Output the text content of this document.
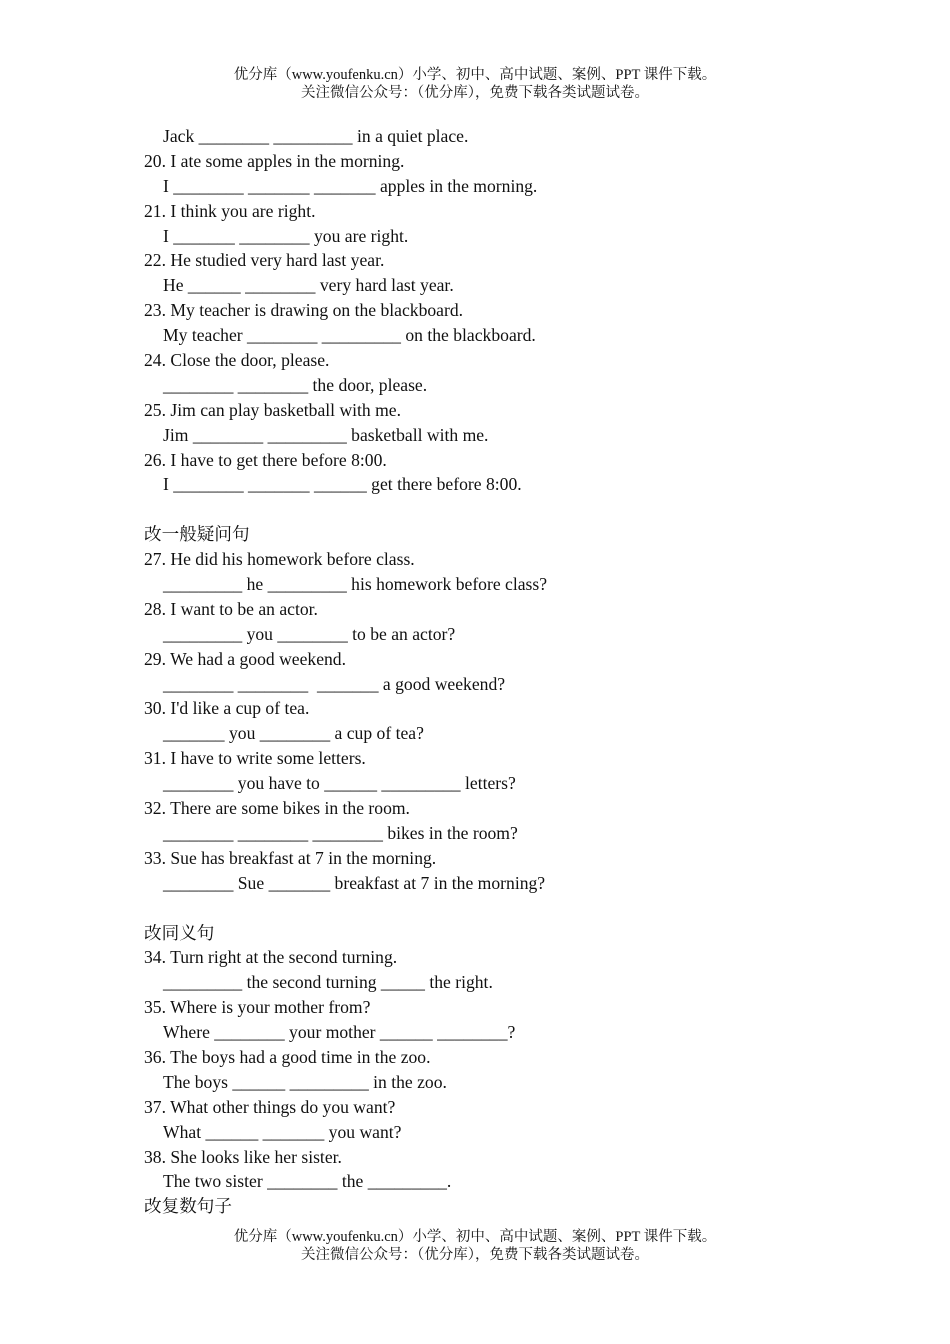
优分库（www.youfenku.cn）小学、初中、高中试题、案例、PPT 课件下载。
关注微信公众号：（优分库），免费下载各类试题试卷。
Jack ________ _________ in a quiet place.
20. I ate some apples in the morning.
I ________ _______ _______ apples in the morning.
21. I think you are right.
I _______ ________ you are right.
22. He studied very hard last year.
He ______ ________ very hard last year.
23. My teacher is drawing on the blackboard.
My teacher ________ _________ on the blackboard.
24. Close the door, please.
________ ________ the door, please.
25. Jim can play basketball with me.
Jim ________ _________ basketball with me.
26. I have to get there before 8:00.
I ________ _______ ______ get there before 8:00.
改一般疑问句
27. He did his homework before class.
_________ he _________ his homework before class?
28. I want to be an actor.
_________ you ________ to be an actor?
29. We had a good weekend.
________ ________  _______ a good weekend?
30. I'd like a cup of tea.
_______ you ________ a cup of tea?
31. I have to write some letters.
________ you have to ______ _________ letters?
32. There are some bikes in the room.
________ ________ ________ bikes in the room?
33. Sue has breakfast at 7 in the morning.
________ Sue _______ breakfast at 7 in the morning?
改同义句
34. Turn right at the second turning.
_________ the second turning _____ the right.
35. Where is your mother from?
Where ________ your mother ______ ________?
36. The boys had a good time in the zoo.
The boys ______ _________ in the zoo.
37. What other things do you want?
What ______ _______ you want?
38. She looks like her sister.
The two sister ________ the _________.
改复数句子
优分库（www.youfenku.cn）小学、初中、高中试题、案例、PPT 课件下载。
关注微信公众号：（优分库），免费下载各类试题试卷。
